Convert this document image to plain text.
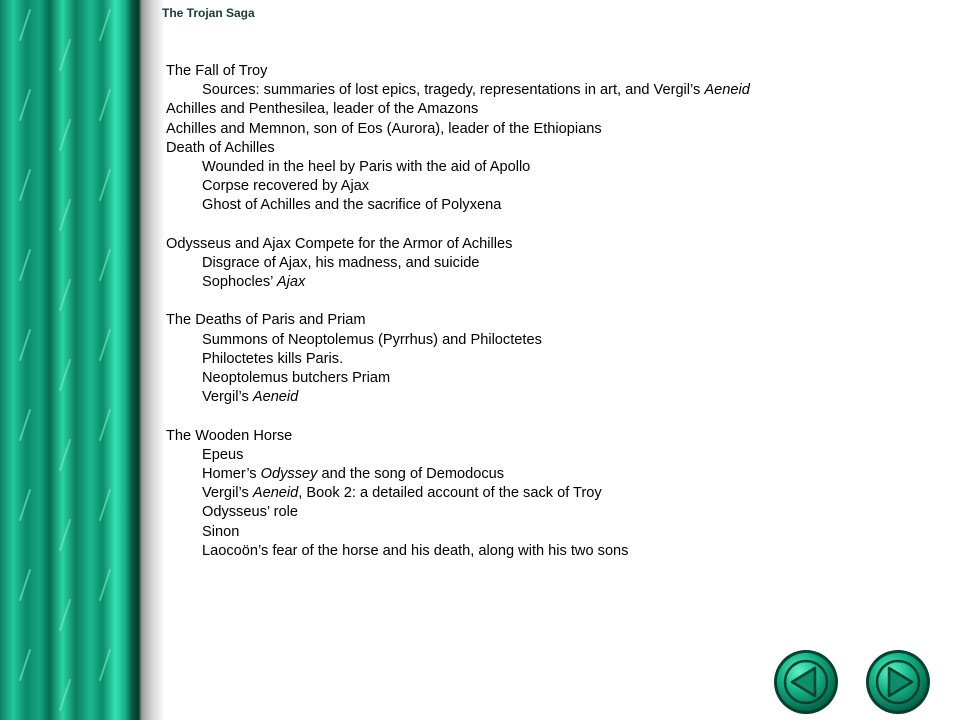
The Trojan Saga
The Fall of Troy
Sources: summaries of lost epics, tragedy, representations in art, and Vergil’s Aeneid
Achilles and Penthesilea, leader of the Amazons
Achilles and Memnon, son of Eos (Aurora), leader of the Ethiopians
Death of Achilles
Wounded in the heel by Paris with the aid of Apollo
Corpse recovered by Ajax
Ghost of Achilles and the sacrifice of Polyxena
Odysseus and Ajax Compete for the Armor of Achilles
Disgrace of Ajax, his madness, and suicide
Sophocles’ Ajax
The Deaths of Paris and Priam
Summons of Neoptolemus (Pyrrhus) and Philoctetes
Philoctetes kills Paris.
Neoptolemus butchers Priam
Vergil’s Aeneid
The Wooden Horse
Epeus
Homer’s Odyssey and the song of Demodocus
Vergil’s Aeneid, Book 2: a detailed account of the sack of Troy
Odysseus’ role
Sinon
Laocoön’s fear of the horse and his death, along with his two sons
